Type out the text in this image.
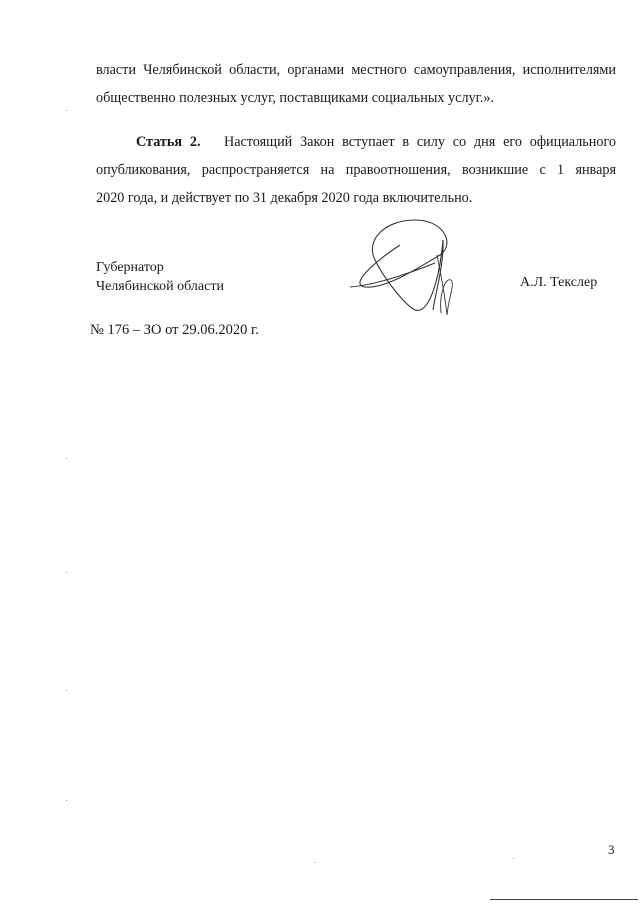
власти Челябинской области, органами местного самоуправления, исполнителями
общественно полезных услуг, поставщиками социальных услуг.».

Статья 2. Настоящий Закон вступает в силу со дня его официального
опубликования, распространяется на правоотношения, возникшие с 1 января
2020 года, и действует по 31 декабря 2020 года включительно.

Губернатор
Челябинской области	А.Л. Текслер
№ 176 – ЗО от 29.06.2020 г.
3
